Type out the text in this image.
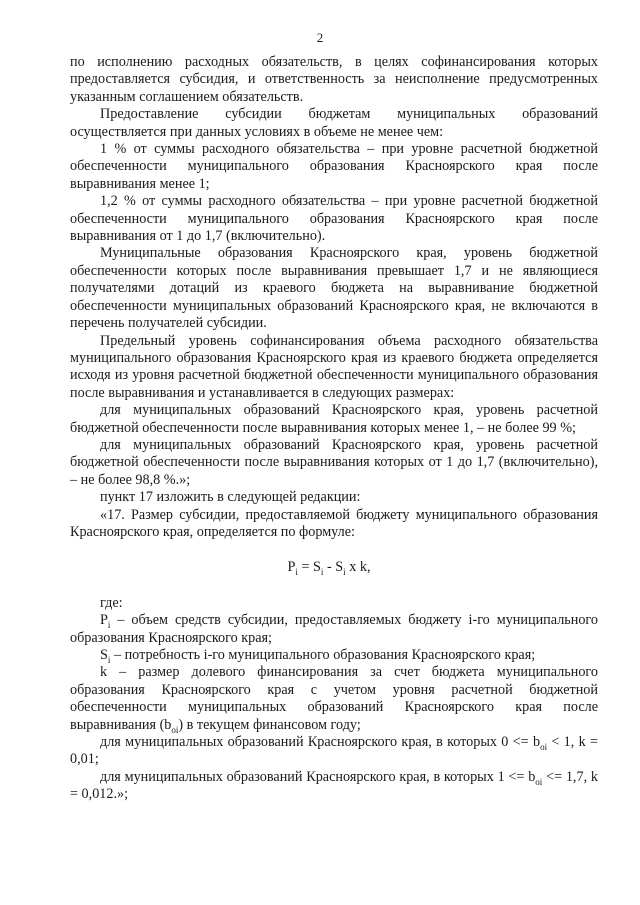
2

по исполнению расходных обязательств, в целях софинансирования которых предоставляется субсидия, и ответственность за неисполнение предусмотренных указанным соглашением обязательств.

Предоставление субсидии бюджетам муниципальных образований осуществляется при данных условиях в объеме не менее чем:

1 % от суммы расходного обязательства – при уровне расчетной бюджетной обеспеченности муниципального образования Красноярского края после выравнивания менее 1;

1,2 % от суммы расходного обязательства – при уровне расчетной бюджетной обеспеченности муниципального образования Красноярского края после выравнивания от 1 до 1,7 (включительно).

Муниципальные образования Красноярского края, уровень бюджетной обеспеченности которых после выравнивания превышает 1,7 и не являющиеся получателями дотаций из краевого бюджета на выравнивание бюджетной обеспеченности муниципальных образований Красноярского края, не включаются в перечень получателей субсидии.

Предельный уровень софинансирования объема расходного обязательства муниципального образования Красноярского края из краевого бюджета определяется исходя из уровня расчетной бюджетной обеспеченности муниципального образования после выравнивания и устанавливается в следующих размерах:

для муниципальных образований Красноярского края, уровень расчетной бюджетной обеспеченности после выравнивания которых менее 1, – не более 99 %;

для муниципальных образований Красноярского края, уровень расчетной бюджетной обеспеченности после выравнивания которых от 1 до 1,7 (включительно), – не более 98,8 %.»;

пункт 17 изложить в следующей редакции:

«17. Размер субсидии, предоставляемой бюджету муниципального образования Красноярского края, определяется по формуле:

$P_i = S_i - S_i$ x k,

где:

$P_i$ – объем средств субсидии, предоставляемых бюджету i-го муниципального образования Красноярского края;

$S_i$ – потребность i-го муниципального образования Красноярского края;

k – размер долевого финансирования за счет бюджета муниципального образования Красноярского края с учетом уровня расчетной бюджетной обеспеченности муниципальных образований Красноярского края после выравнивания $(b_{oi})$ в текущем финансовом году;

для муниципальных образований Красноярского края, в которых $0 <= b_{oi} < 1$, k = 0,01;

для муниципальных образований Красноярского края, в которых $1 <= b_{oi} <= 1,7$, k = 0,012.»;
